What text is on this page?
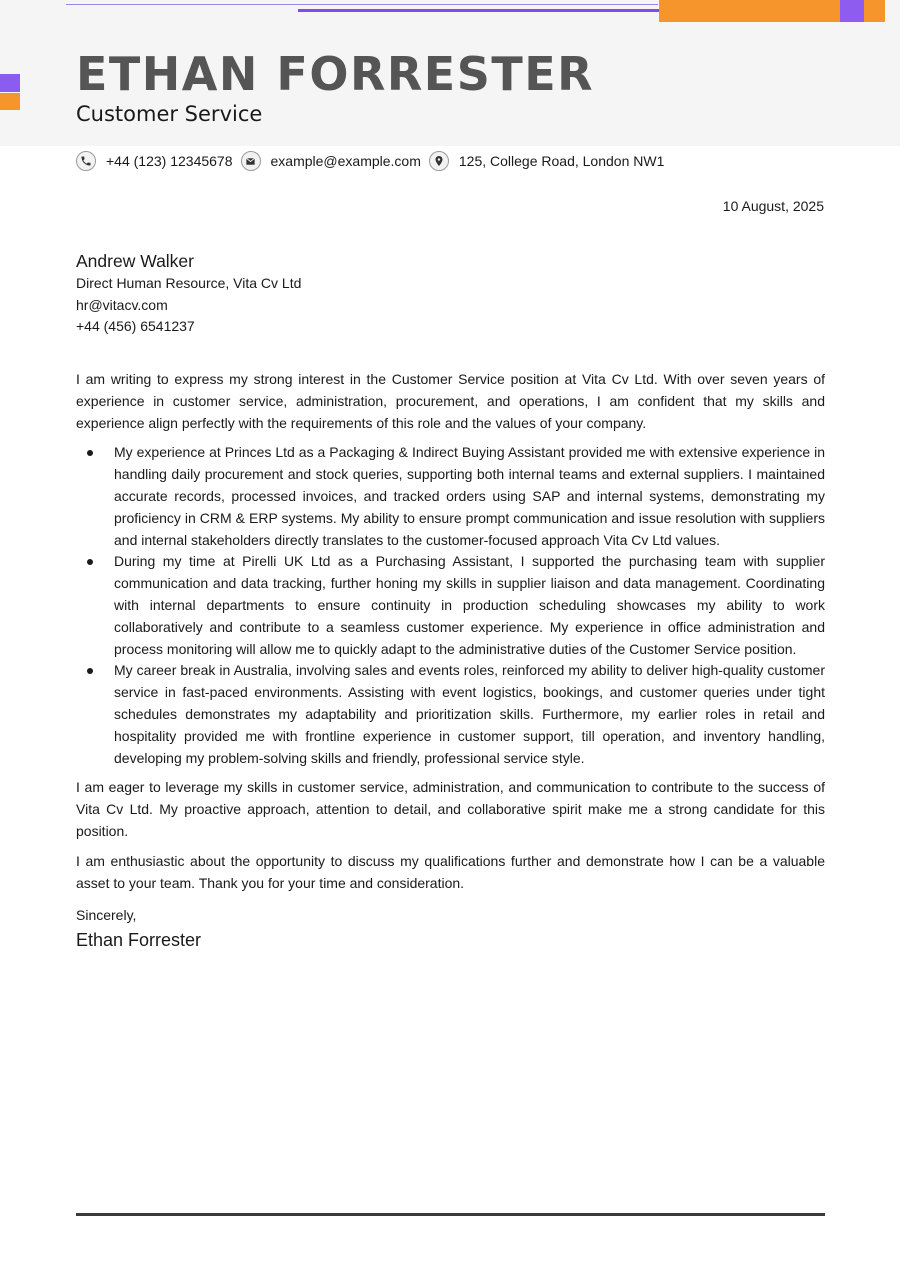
ETHAN FORRESTER
Customer Service
+44 (123) 12345678	example@example.com	125, College Road, London NW1
10 August, 2025
Andrew Walker
Direct Human Resource, Vita Cv Ltd
hr@vitacv.com
+44 (456) 6541237

I am writing to express my strong interest in the Customer Service position at Vita Cv Ltd. With over seven years of experience in customer service, administration, procurement, and operations, I am confident that my skills and experience align perfectly with the requirements of this role and the values of your company.

My experience at Princes Ltd as a Packaging & Indirect Buying Assistant provided me with extensive experience in handling daily procurement and stock queries, supporting both internal teams and external suppliers. I maintained accurate records, processed invoices, and tracked orders using SAP and internal systems, demonstrating my proficiency in CRM & ERP systems. My ability to ensure prompt communication and issue resolution with suppliers and internal stakeholders directly translates to the customer-focused approach Vita Cv Ltd values.
During my time at Pirelli UK Ltd as a Purchasing Assistant, I supported the purchasing team with supplier communication and data tracking, further honing my skills in supplier liaison and data management. Coordinating with internal departments to ensure continuity in production scheduling showcases my ability to work collaboratively and contribute to a seamless customer experience. My experience in office administration and process monitoring will allow me to quickly adapt to the administrative duties of the Customer Service position.
My career break in Australia, involving sales and events roles, reinforced my ability to deliver high-quality customer service in fast-paced environments. Assisting with event logistics, bookings, and customer queries under tight schedules demonstrates my adaptability and prioritization skills. Furthermore, my earlier roles in retail and hospitality provided me with frontline experience in customer support, till operation, and inventory handling, developing my problem-solving skills and friendly, professional service style.

I am eager to leverage my skills in customer service, administration, and communication to contribute to the success of Vita Cv Ltd. My proactive approach, attention to detail, and collaborative spirit make me a strong candidate for this position.

I am enthusiastic about the opportunity to discuss my qualifications further and demonstrate how I can be a valuable asset to your team. Thank you for your time and consideration.

Sincerely,
Ethan Forrester
